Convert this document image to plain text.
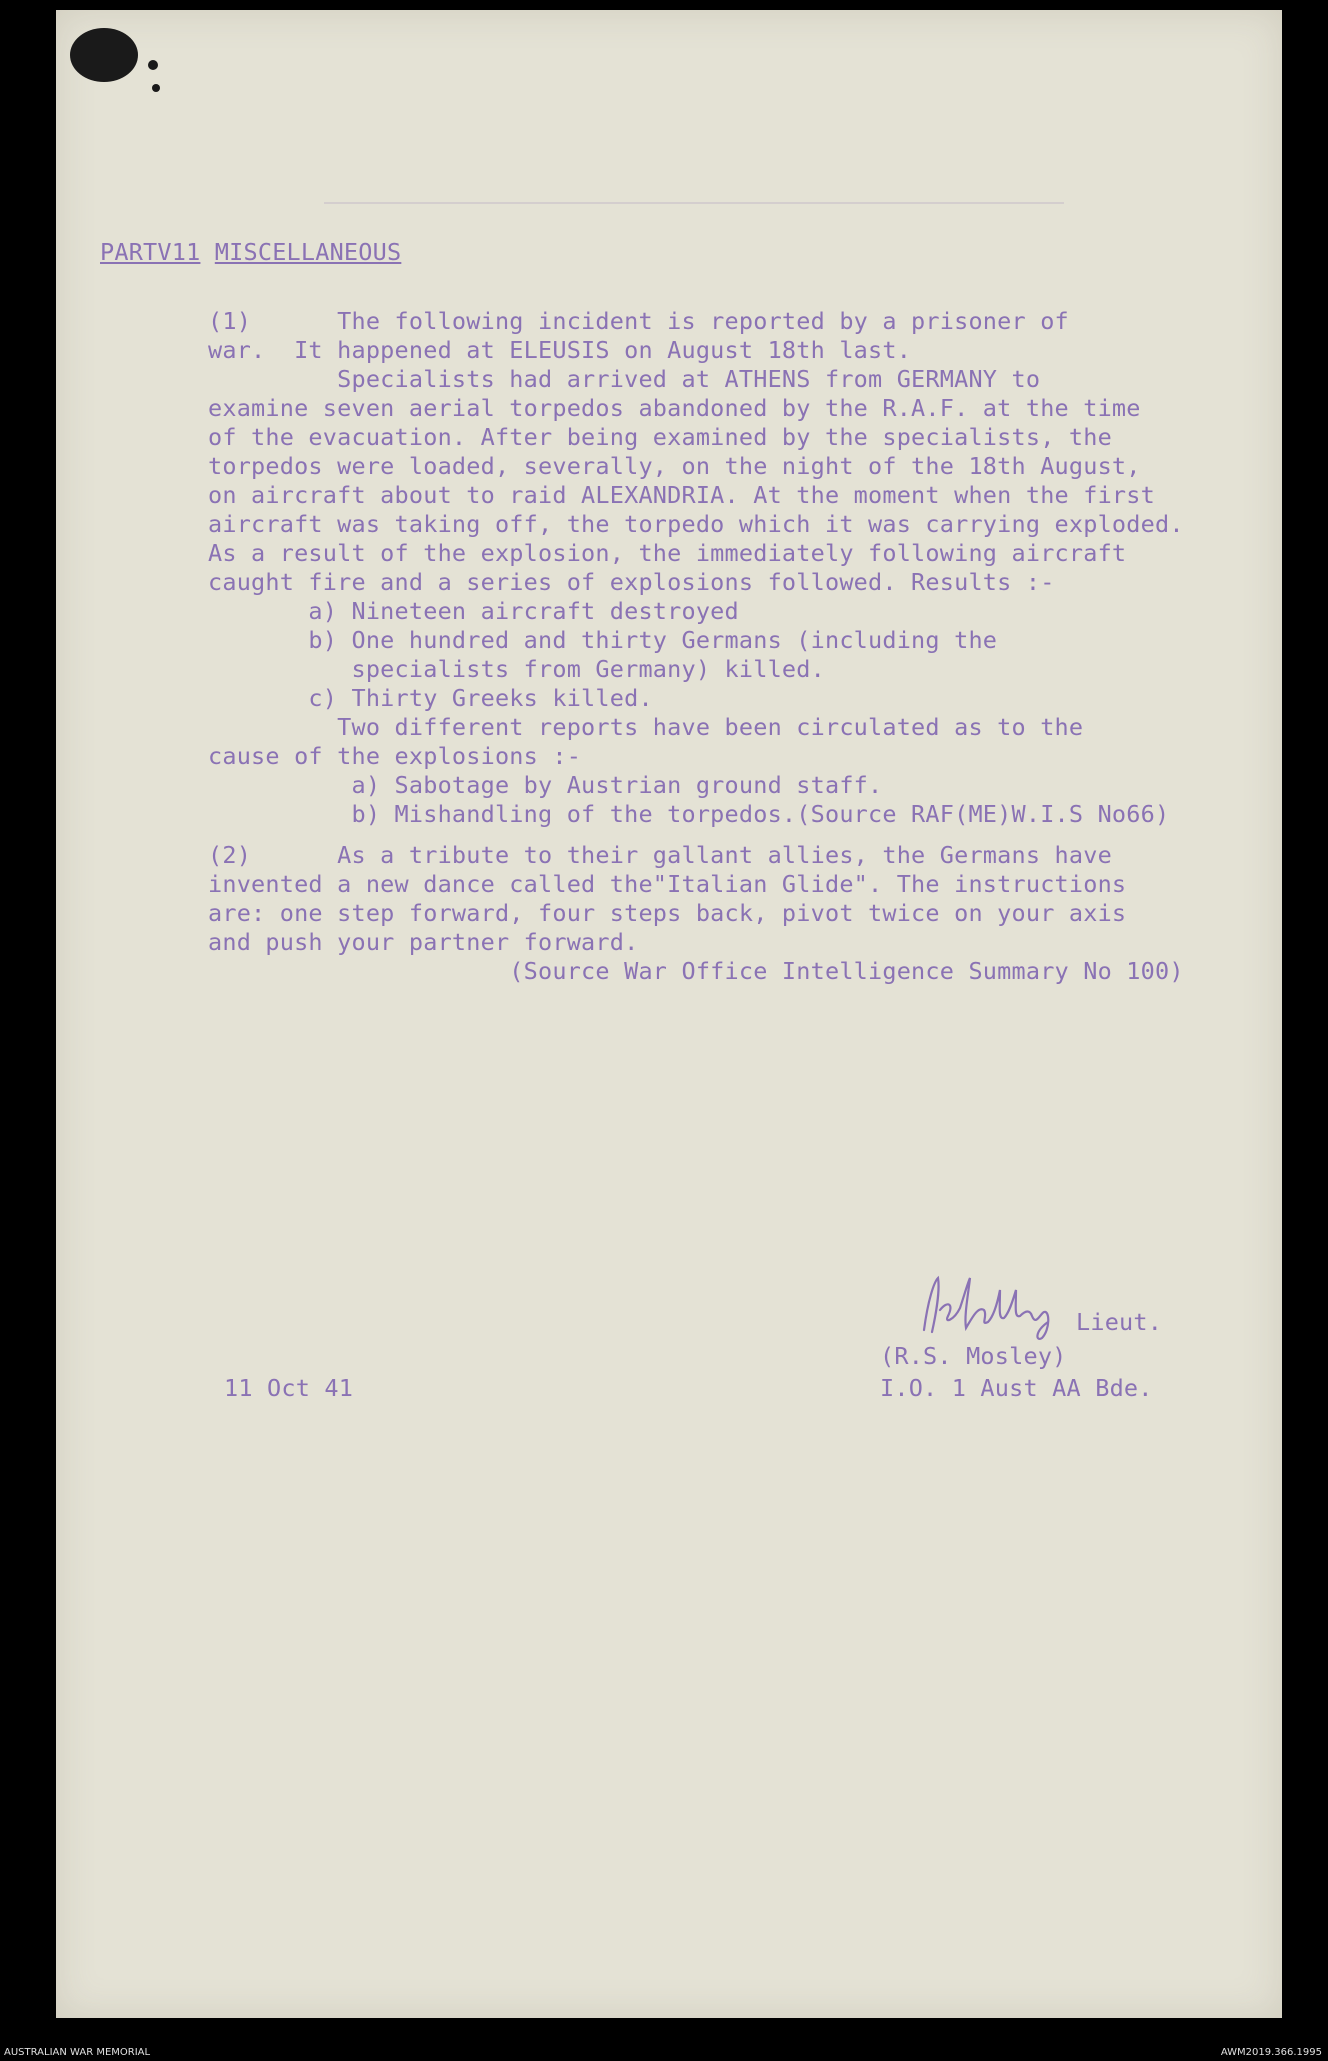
PARTV11 MISCELLANEOUS

(1)      The following incident is reported by a prisoner of
war.  It happened at ELEUSIS on August 18th last.
Specialists had arrived at ATHENS from GERMANY to
examine seven aerial torpedos abandoned by the R.A.F. at the time
of the evacuation. After being examined by the specialists, the
torpedos were loaded, severally, on the night of the 18th August,
on aircraft about to raid ALEXANDRIA. At the moment when the first
aircraft was taking off, the torpedo which it was carrying exploded.
As a result of the explosion, the immediately following aircraft
caught fire and a series of explosions followed. Results :-
a) Nineteen aircraft destroyed
b) One hundred and thirty Germans (including the
specialists from Germany) killed.
c) Thirty Greeks killed.
Two different reports have been circulated as to the
cause of the explosions :-
a) Sabotage by Austrian ground staff.
b) Mishandling of the torpedos.(Source RAF(ME)W.I.S No66)
(2)      As a tribute to their gallant allies, the Germans have
invented a new dance called the"Italian Glide". The instructions
are: one step forward, four steps back, pivot twice on your axis
and push your partner forward.
(Source War Office Intelligence Summary No 100)

Lieut.
(R.S. Mosley)
11 Oct 41	I.O. 1 Aust AA Bde.
AUSTRALIAN WAR MEMORIAL	AWM2019.366.1995
